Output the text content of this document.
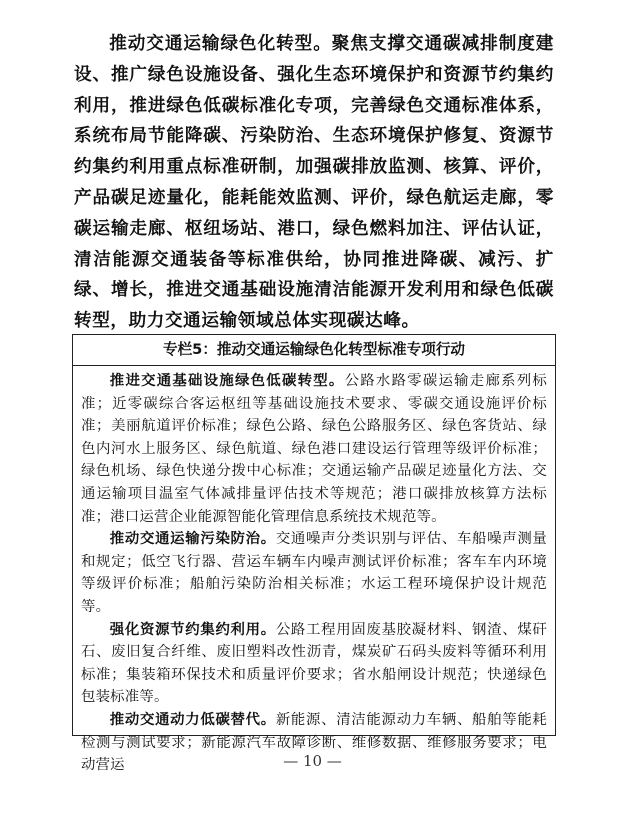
推动交通运输绿色化转型。聚焦支撑交通碳减排制度建设、推广绿色设施设备、强化生态环境保护和资源节约集约利用，推进绿色低碳标准化专项，完善绿色交通标准体系，系统布局节能降碳、污染防治、生态环境保护修复、资源节约集约利用重点标准研制，加强碳排放监测、核算、评价，产品碳足迹量化，能耗能效监测、评价，绿色航运走廊，零碳运输走廊、枢纽场站、港口，绿色燃料加注、评估认证，清洁能源交通装备等标准供给，协同推进降碳、减污、扩绿、增长，推进交通基础设施清洁能源开发利用和绿色低碳转型，助力交通运输领域总体实现碳达峰。

专栏5：推动交通运输绿色化转型标准专项行动

推进交通基础设施绿色低碳转型。公路水路零碳运输走廊系列标准；近零碳综合客运枢纽等基础设施技术要求、零碳交通设施评价标准；美丽航道评价标准；绿色公路、绿色公路服务区、绿色客货站、绿色内河水上服务区、绿色航道、绿色港口建设运行管理等级评价标准；绿色机场、绿色快递分拨中心标准；交通运输产品碳足迹量化方法、交通运输项目温室气体减排量评估技术等规范；港口碳排放核算方法标准；港口运营企业能源智能化管理信息系统技术规范等。

推动交通运输污染防治。交通噪声分类识别与评估、车船噪声测量和规定；低空飞行器、营运车辆车内噪声测试评价标准；客车车内环境等级评价标准；船舶污染防治相关标准；水运工程环境保护设计规范等。

强化资源节约集约利用。公路工程用固废基胶凝材料、钢渣、煤矸石、废旧复合纤维、废旧塑料改性沥青，煤炭矿石码头废料等循环利用标准；集装箱环保技术和质量评价要求；省水船闸设计规范；快递绿色包装标准等。

推动交通动力低碳替代。新能源、清洁能源动力车辆、船舶等能耗检测与测试要求；新能源汽车故障诊断、维修数据、维修服务要求；电动营运	— 10 —
